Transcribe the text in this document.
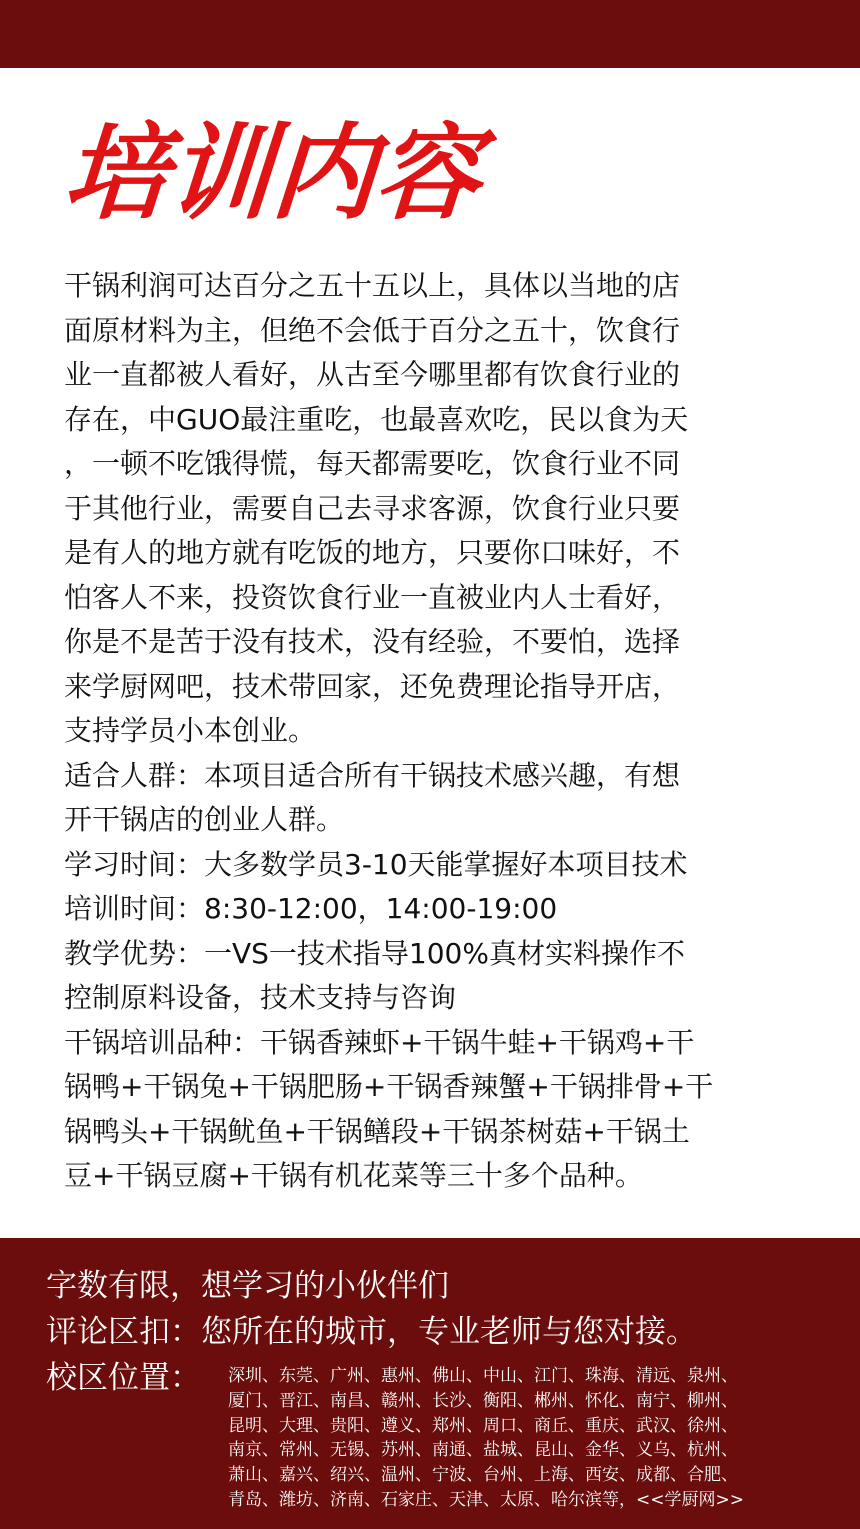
培训内容

干锅利润可达百分之五十五以上，具体以当地的店

面原材料为主，但绝不会低于百分之五十，饮食行

业一直都被人看好，从古至今哪里都有饮食行业的

存在，中GUO最注重吃，也最喜欢吃，民以食为天

，一顿不吃饿得慌，每天都需要吃，饮食行业不同

于其他行业，需要自己去寻求客源，饮食行业只要

是有人的地方就有吃饭的地方，只要你口味好，不

怕客人不来，投资饮食行业一直被业内人士看好，

你是不是苦于没有技术，没有经验，不要怕，选择

来学厨网吧，技术带回家，还免费理论指导开店，

支持学员小本创业。

适合人群：本项目适合所有干锅技术感兴趣，有想

开干锅店的创业人群。

学习时间：大多数学员3-10天能掌握好本项目技术

培训时间：8:30-12:00，14:00-19:00

教学优势：一VS一技术指导100%真材实料操作不

控制原料设备，技术支持与咨询

干锅培训品种：干锅香辣虾+干锅牛蛙+干锅鸡+干

锅鸭+干锅兔+干锅肥肠+干锅香辣蟹+干锅排骨+干

锅鸭头+干锅鱿鱼+干锅鳝段+干锅茶树菇+干锅土

豆+干锅豆腐+干锅有机花菜等三十多个品种。

字数有限，想学习的小伙伴们

评论区扣：您所在的城市，专业老师与您对接。

校区位置： 深圳、东莞、广州、惠州、佛山、中山、江门、珠海、清远、泉州、
厦门、晋江、南昌、赣州、长沙、衡阳、郴州、怀化、南宁、柳州、
昆明、大理、贵阳、遵义、郑州、周口、商丘、重庆、武汉、徐州、
南京、常州、无锡、苏州、南通、盐城、昆山、金华、义乌、杭州、
萧山、嘉兴、绍兴、温州、宁波、台州、上海、西安、成都、合肥、
青岛、潍坊、济南、石家庄、天津、太原、哈尔滨等，<<学厨网>>
